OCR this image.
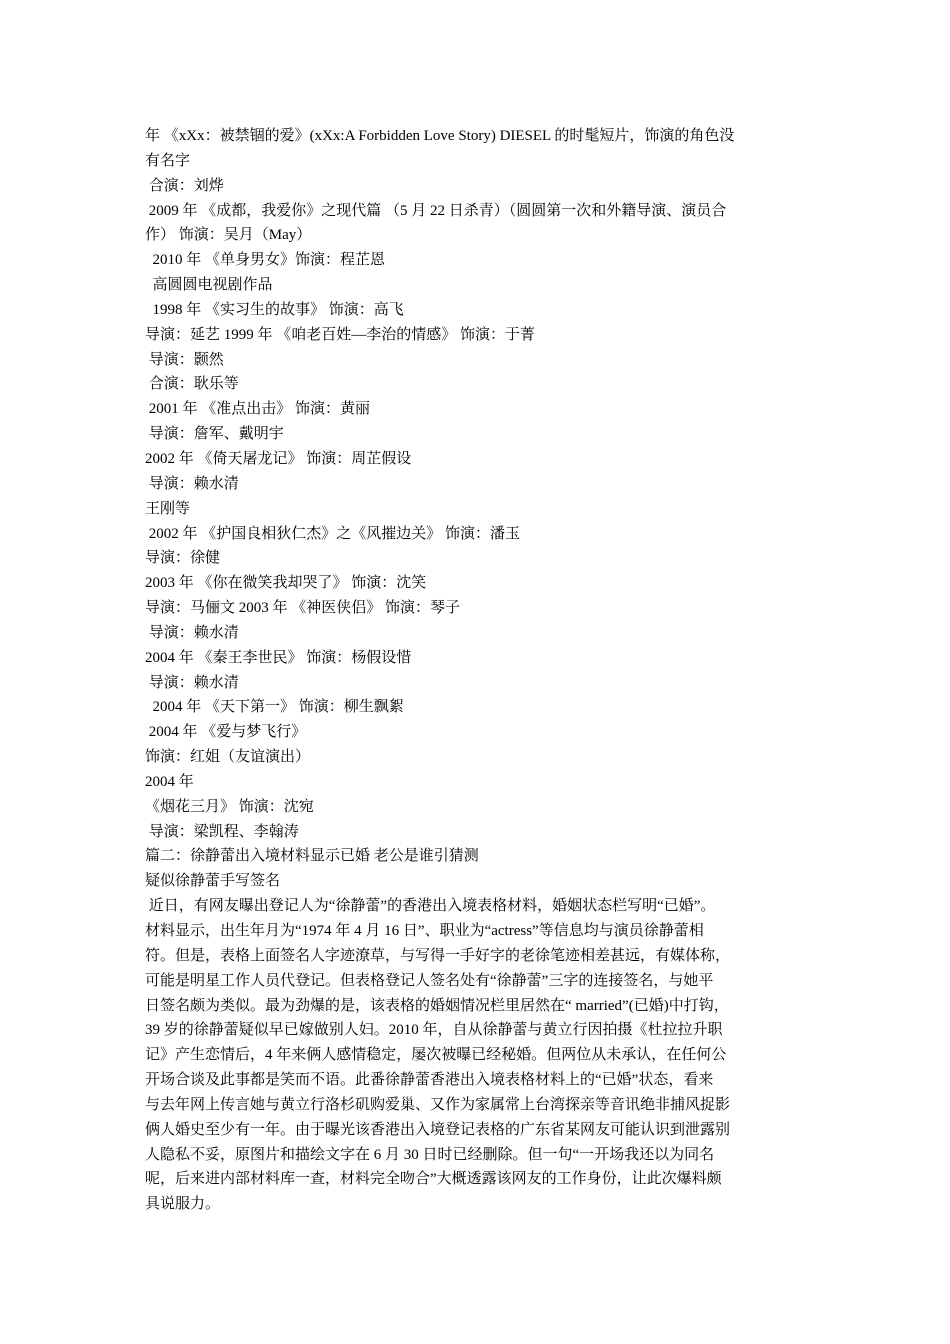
年 《xXx：被禁锢的爱》(xXx:A Forbidden Love Story) DIESEL 的时髦短片，饰演的角色没
有名字
合演：刘烨
2009 年 《成都，我爱你》之现代篇 （5 月 22 日杀青）（圆圆第一次和外籍导演、演员合
作） 饰演：吴月（May）
2010 年 《单身男女》饰演：程芷恩
高圆圆电视剧作品
1998 年 《实习生的故事》 饰演：高飞
导演：延艺 1999 年 《咱老百姓—李治的情感》 饰演：于菁
导演：颢然
合演：耿乐等
2001 年 《准点出击》 饰演：黄丽
导演：詹军、戴明宇
2002 年 《倚天屠龙记》 饰演：周芷假设
导演：赖水清
王刚等
2002 年 《护国良相狄仁杰》之《风摧边关》 饰演：潘玉
导演：徐健
2003 年 《你在微笑我却哭了》 饰演：沈笑
导演：马俪文 2003 年 《神医侠侣》 饰演：琴子
导演：赖水清
2004 年 《秦王李世民》 饰演：杨假设惜
导演：赖水清
2004 年 《天下第一》 饰演：柳生飘絮
2004 年 《爱与梦飞行》
饰演：红姐（友谊演出）
2004 年
《烟花三月》 饰演：沈宛
导演：梁凯程、李翰涛
篇二：徐静蕾出入境材料显示已婚 老公是谁引猜测
疑似徐静蕾手写签名
近日，有网友曝出登记人为“徐静蕾”的香港出入境表格材料，婚姻状态栏写明“已婚”。
材料显示，出生年月为“1974 年 4 月 16 日”、职业为“actress”等信息均与演员徐静蕾相
符。但是，表格上面签名人字迹潦草，与写得一手好字的老徐笔迹相差甚远，有媒体称，
可能是明星工作人员代登记。但表格登记人签名处有“徐静蕾”三字的连接签名，与她平
日签名颇为类似。最为劲爆的是，该表格的婚姻情况栏里居然在“ married”(已婚)中打钩，
39 岁的徐静蕾疑似早已嫁做别人妇。2010 年，自从徐静蕾与黄立行因拍摄《杜拉拉升职
记》产生恋情后，4 年来俩人感情稳定，屡次被曝已经秘婚。但两位从未承认，在任何公
开场合谈及此事都是笑而不语。此番徐静蕾香港出入境表格材料上的“已婚”状态，看来
与去年网上传言她与黄立行洛杉矶购爱巢、又作为家属常上台湾探亲等音讯绝非捕风捉影
俩人婚史至少有一年。由于曝光该香港出入境登记表格的广东省某网友可能认识到泄露别
人隐私不妥，原图片和描绘文字在 6 月 30 日时已经删除。但一句“一开场我还以为同名
呢，后来进内部材料库一查，材料完全吻合”大概透露该网友的工作身份，让此次爆料颇
具说服力。
